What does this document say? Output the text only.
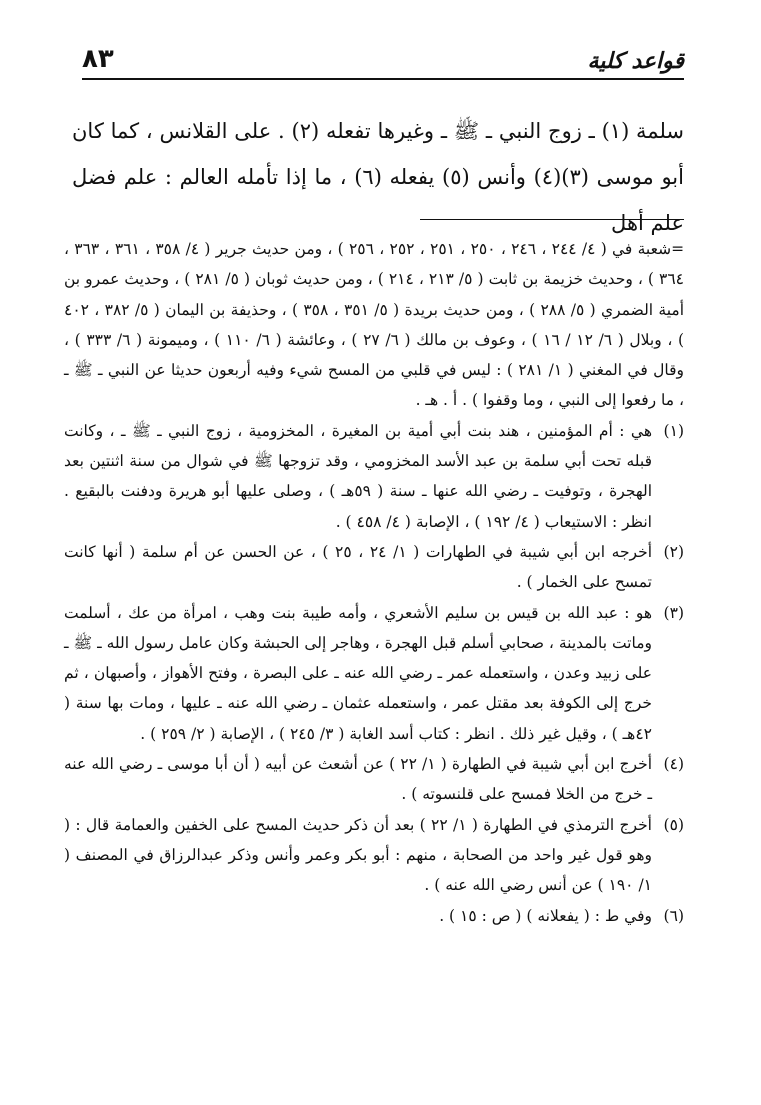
قواعد كلية
٨٣
سلمة (١) ـ زوج النبي ـ ﷺ ـ وغيرها تفعله (٢) . على القلانس ، كما كان أبو موسى (٣)(٤) وأنس (٥) يفعله (٦) ، ما إذا تأمله العالم : علم فضل علم أهل
=شعبة في ( ٤/ ٢٤٤ ، ٢٤٦ ، ٢٥٠ ، ٢٥١ ، ٢٥٢ ، ٢٥٦ ) ، ومن حديث جرير ( ٤/ ٣٥٨ ، ٣٦١ ، ٣٦٣ ، ٣٦٤ ) ، وحديث خزيمة بن ثابت ( ٥/ ٢١٣ ، ٢١٤ ) ، ومن حديث ثوبان ( ٥/ ٢٨١ ) ، وحديث عمرو بن أمية الضمري ( ٥/ ٢٨٨ ) ، ومن حديث بريدة ( ٥/ ٣٥١ ، ٣٥٨ ) ، وحذيفة بن اليمان ( ٥/ ٣٨٢ ، ٤٠٢ ) ، وبلال ( ٦/ ١٢ / ١٦ ) ، وعوف بن مالك ( ٦/ ٢٧ ) ، وعائشة ( ٦/ ١١٠ ) ، وميمونة ( ٦/ ٣٣٣ ) ، وقال في المغني ( ١/ ٢٨١ ) : ليس في قلبي من المسح شيء وفيه أربعون حديثا عن النبي ـ ﷺ ـ ، ما رفعوا إلى النبي ، وما وقفوا ) . أ . هـ .
(١)
هي : أم المؤمنين ، هند بنت أبي أمية بن المغيرة ، المخزومية ، زوج النبي ـ ﷺ ـ ، وكانت قبله تحت أبي سلمة بن عبد الأسد المخزومي ، وقد تزوجها ﷺ في شوال من سنة اثنتين بعد الهجرة ، وتوفيت ـ رضي الله عنها ـ سنة ( ٥٩هـ ) ، وصلى عليها أبو هريرة ودفنت بالبقيع . انظر : الاستيعاب ( ٤/ ١٩٢ ) ، الإصابة ( ٤/ ٤٥٨ ) .
(٢)
أخرجه ابن أبي شيبة في الطهارات ( ١/ ٢٤ ، ٢٥ ) ، عن الحسن عن أم سلمة ( أنها كانت تمسح على الخمار ) .
(٣)
هو : عبد الله بن قيس بن سليم الأشعري ، وأمه طيبة بنت وهب ، امرأة من عك ، أسلمت وماتت بالمدينة ، صحابي أسلم قبل الهجرة ، وهاجر إلى الحبشة وكان عامل رسول الله ـ ﷺ ـ على زبيد وعدن ، واستعمله عمر ـ رضي الله عنه ـ على البصرة ، وفتح الأهواز ، وأصبهان ، ثم خرج إلى الكوفة بعد مقتل عمر ، واستعمله عثمان ـ رضي الله عنه ـ عليها ، ومات بها سنة ( ٤٢هـ ) ، وقيل غير ذلك . انظر : كتاب أسد الغابة ( ٣/ ٢٤٥ ) ، الإصابة ( ٢/ ٢٥٩ ) .
(٤)
أخرج ابن أبي شيبة في الطهارة ( ١/ ٢٢ ) عن أشعث عن أبيه ( أن أبا موسى ـ رضي الله عنه ـ خرج من الخلا فمسح على قلنسوته ) .
(٥)
أخرج الترمذي في الطهارة ( ١/ ٢٢ ) بعد أن ذكر حديث المسح على الخفين والعمامة قال : ( وهو قول غير واحد من الصحابة ، منهم : أبو بكر وعمر وأنس وذكر عبدالرزاق في المصنف ( ١/ ١٩٠ ) عن أنس رضي الله عنه ) .
(٦)
وفي ط : ( يفعلانه ) ( ص : ١٥ ) .
